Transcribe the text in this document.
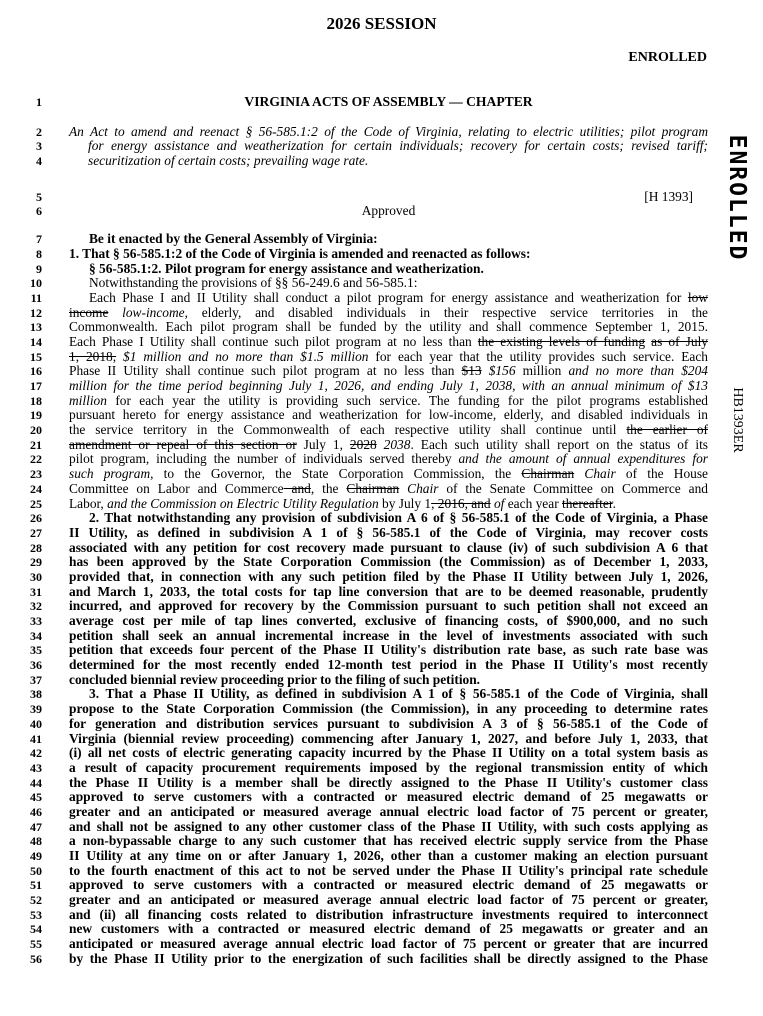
2026 SESSION
ENROLLED
ENROLLED
HB1393ER
1	VIRGINIA ACTS OF ASSEMBLY — CHAPTER
2 An Act to amend and reenact § 56-585.1:2 of the Code of Virginia, relating to electric utilities; pilot program
3	for energy assistance and weatherization for certain individuals; recovery for certain costs; revised tariff;
4	securitization of certain costs; prevailing wage rate.
5	[H 1393]
6	Approved
7	Be it enacted by the General Assembly of Virginia:
8 1. That § 56-585.1:2 of the Code of Virginia is amended and reenacted as follows:
9	§ 56-585.1:2. Pilot program for energy assistance and weatherization.
10	Notwithstanding the provisions of §§ 56-249.6 and 56-585.1:
11	Each Phase I and II Utility shall conduct a pilot program for energy assistance and weatherization for low
12 income low-income, elderly, and disabled individuals in their respective service territories in the
13 Commonwealth. Each pilot program shall be funded by the utility and shall commence September 1, 2015.
14 Each Phase I Utility shall continue such pilot program at no less than the existing levels of funding as of July
15 1, 2018, $1 million and no more than $1.5 million for each year that the utility provides such service. Each
16 Phase II Utility shall continue such pilot program at no less than $13 $156 million and no more than $204
17 million for the time period beginning July 1, 2026, and ending July 1, 2038, with an annual minimum of $13
18 million for each year the utility is providing such service. The funding for the pilot programs established
19 pursuant hereto for energy assistance and weatherization for low-income, elderly, and disabled individuals in
20 the service territory in the Commonwealth of each respective utility shall continue until the earlier of
21 amendment or repeal of this section or July 1, 2028 2038. Each such utility shall report on the status of its
22 pilot program, including the number of individuals served thereby and the amount of annual expenditures for
23 such program, to the Governor, the State Corporation Commission, the Chairman Chair of the House
24 Committee on Labor and Commerce and, the Chairman Chair of the Senate Committee on Commerce and
25 Labor, and the Commission on Electric Utility Regulation by July 1, 2016, and of each year thereafter.
26	2. That notwithstanding any provision of subdivision A 6 of § 56-585.1 of the Code of Virginia, a Phase
27 II Utility, as defined in subdivision A 1 of § 56-585.1 of the Code of Virginia, may recover costs
28 associated with any petition for cost recovery made pursuant to clause (iv) of such subdivision A 6 that
29 has been approved by the State Corporation Commission (the Commission) as of December 1, 2033,
30 provided that, in connection with any such petition filed by the Phase II Utility between July 1, 2026,
31 and March 1, 2033, the total costs for tap line conversion that are to be deemed reasonable, prudently
32 incurred, and approved for recovery by the Commission pursuant to such petition shall not exceed an
33 average cost per mile of tap lines converted, exclusive of financing costs, of $900,000, and no such
34 petition shall seek an annual incremental increase in the level of investments associated with such
35 petition that exceeds four percent of the Phase II Utility's distribution rate base, as such rate base was
36 determined for the most recently ended 12-month test period in the Phase II Utility's most recently
37 concluded biennial review proceeding prior to the filing of such petition.
38	3. That a Phase II Utility, as defined in subdivision A 1 of § 56-585.1 of the Code of Virginia, shall
39 propose to the State Corporation Commission (the Commission), in any proceeding to determine rates
40 for generation and distribution services pursuant to subdivision A 3 of § 56-585.1 of the Code of
41 Virginia (biennial review proceeding) commencing after January 1, 2027, and before July 1, 2033, that
42 (i) all net costs of electric generating capacity incurred by the Phase II Utility on a total system basis as
43 a result of capacity procurement requirements imposed by the regional transmission entity of which
44 the Phase II Utility is a member shall be directly assigned to the Phase II Utility's customer class
45 approved to serve customers with a contracted or measured electric demand of 25 megawatts or
46 greater and an anticipated or measured average annual electric load factor of 75 percent or greater,
47 and shall not be assigned to any other customer class of the Phase II Utility, with such costs applying as
48 a non-bypassable charge to any such customer that has received electric supply service from the Phase
49 II Utility at any time on or after January 1, 2026, other than a customer making an election pursuant
50 to the fourth enactment of this act to not be served under the Phase II Utility's principal rate schedule
51 approved to serve customers with a contracted or measured electric demand of 25 megawatts or
52 greater and an anticipated or measured average annual electric load factor of 75 percent or greater,
53 and (ii) all financing costs related to distribution infrastructure investments required to interconnect
54 new customers with a contracted or measured electric demand of 25 megawatts or greater and an
55 anticipated or measured average annual electric load factor of 75 percent or greater that are incurred
56 by the Phase II Utility prior to the energization of such facilities shall be directly assigned to the Phase
